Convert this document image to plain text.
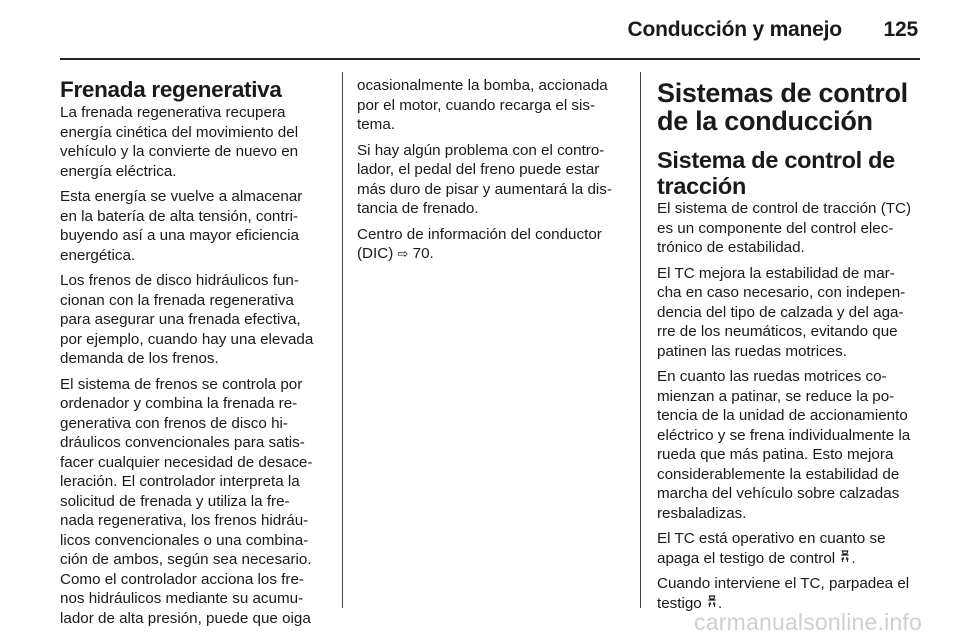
Conducción y manejo 125
Frenada regenerativa

La frenada regenerativa recupera
energía cinética del movimiento del
vehículo y la convierte de nuevo en
energía eléctrica.

Esta energía se vuelve a almacenar
en la batería de alta tensión, contri-
buyendo así a una mayor eficiencia
energética.

Los frenos de disco hidráulicos fun-
cionan con la frenada regenerativa
para asegurar una frenada efectiva,
por ejemplo, cuando hay una elevada
demanda de los frenos.

El sistema de frenos se controla por
ordenador y combina la frenada re-
generativa con frenos de disco hi-
dráulicos convencionales para satis-
facer cualquier necesidad de desace-
leración. El controlador interpreta la
solicitud de frenada y utiliza la fre-
nada regenerativa, los frenos hidráu-
licos convencionales o una combina-
ción de ambos, según sea necesario.
Como el controlador acciona los fre-
nos hidráulicos mediante su acumu-
lador de alta presión, puede que oiga

ocasionalmente la bomba, accionada
por el motor, cuando recarga el sis-
tema.

Si hay algún problema con el contro-
lador, el pedal del freno puede estar
más duro de pisar y aumentará la dis-
tancia de frenado.

Centro de información del conductor
(DIC) ⇨ 70.

Sistemas de control de la conducción
Sistema de control de tracción

El sistema de control de tracción (TC)
es un componente del control elec-
trónico de estabilidad.

El TC mejora la estabilidad de mar-
cha en caso necesario, con indepen-
dencia del tipo de calzada y del aga-
rre de los neumáticos, evitando que
patinen las ruedas motrices.

En cuanto las ruedas motrices co-
mienzan a patinar, se reduce la po-
tencia de la unidad de accionamiento
eléctrico y se frena individualmente la
rueda que más patina. Esto mejora
considerablemente la estabilidad de
marcha del vehículo sobre calzadas
resbaladizas.

El TC está operativo en cuanto se
apaga el testigo de control .

Cuando interviene el TC, parpadea el
testigo .

carmanualsonline.info
